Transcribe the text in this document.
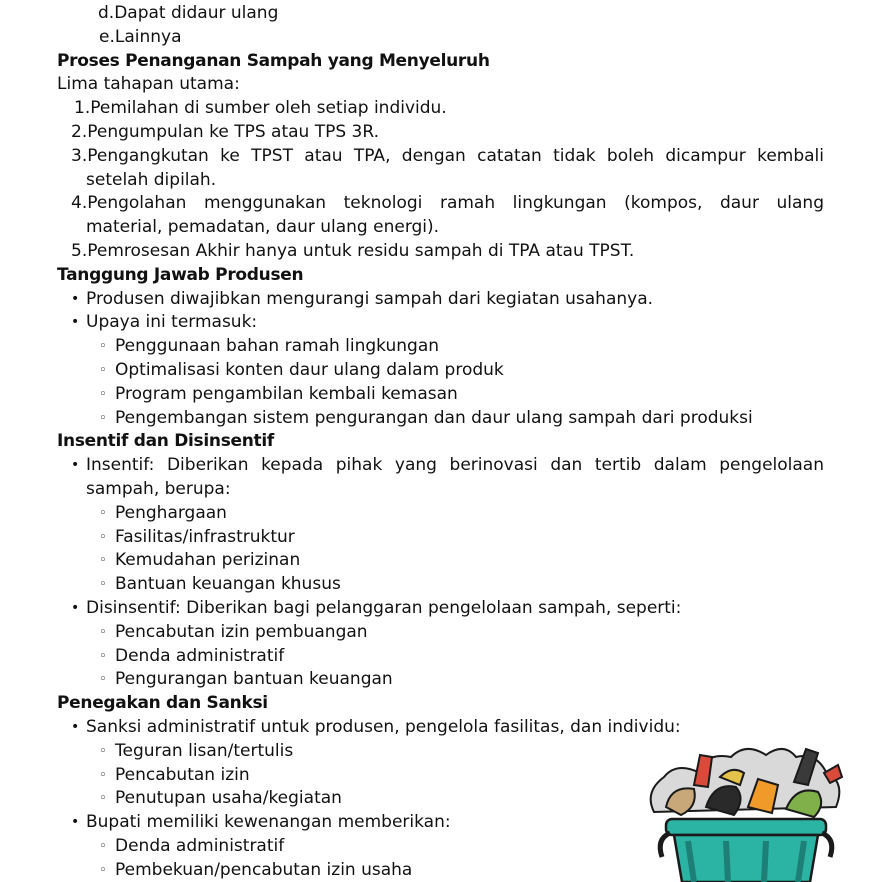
d.Dapat didaur ulang
e.Lainnya
Proses Penanganan Sampah yang Menyeluruh
Lima tahapan utama:
1.Pemilahan di sumber oleh setiap individu.
2.Pengumpulan ke TPS atau TPS 3R.
3.Pengangkutan ke TPST atau TPA, dengan catatan tidak boleh dicampur kembali
setelah dipilah.
4.Pengolahan menggunakan teknologi ramah lingkungan (kompos, daur ulang
material, pemadatan, daur ulang energi).
5.Pemrosesan Akhir hanya untuk residu sampah di TPA atau TPST.
Tanggung Jawab Produsen
• Produsen diwajibkan mengurangi sampah dari kegiatan usahanya.
• Upaya ini termasuk:
◦ Penggunaan bahan ramah lingkungan
◦ Optimalisasi konten daur ulang dalam produk
◦ Program pengambilan kembali kemasan
◦ Pengembangan sistem pengurangan dan daur ulang sampah dari produksi
Insentif dan Disinsentif
• Insentif: Diberikan kepada pihak yang berinovasi dan tertib dalam pengelolaan
sampah, berupa:
◦ Penghargaan
◦ Fasilitas/infrastruktur
◦ Kemudahan perizinan
◦ Bantuan keuangan khusus
• Disinsentif: Diberikan bagi pelanggaran pengelolaan sampah, seperti:
◦ Pencabutan izin pembuangan
◦ Denda administratif
◦ Pengurangan bantuan keuangan
Penegakan dan Sanksi
• Sanksi administratif untuk produsen, pengelola fasilitas, dan individu:
◦ Teguran lisan/tertulis
◦ Pencabutan izin
◦ Penutupan usaha/kegiatan
• Bupati memiliki kewenangan memberikan:
◦ Denda administratif
◦ Pembekuan/pencabutan izin usaha
